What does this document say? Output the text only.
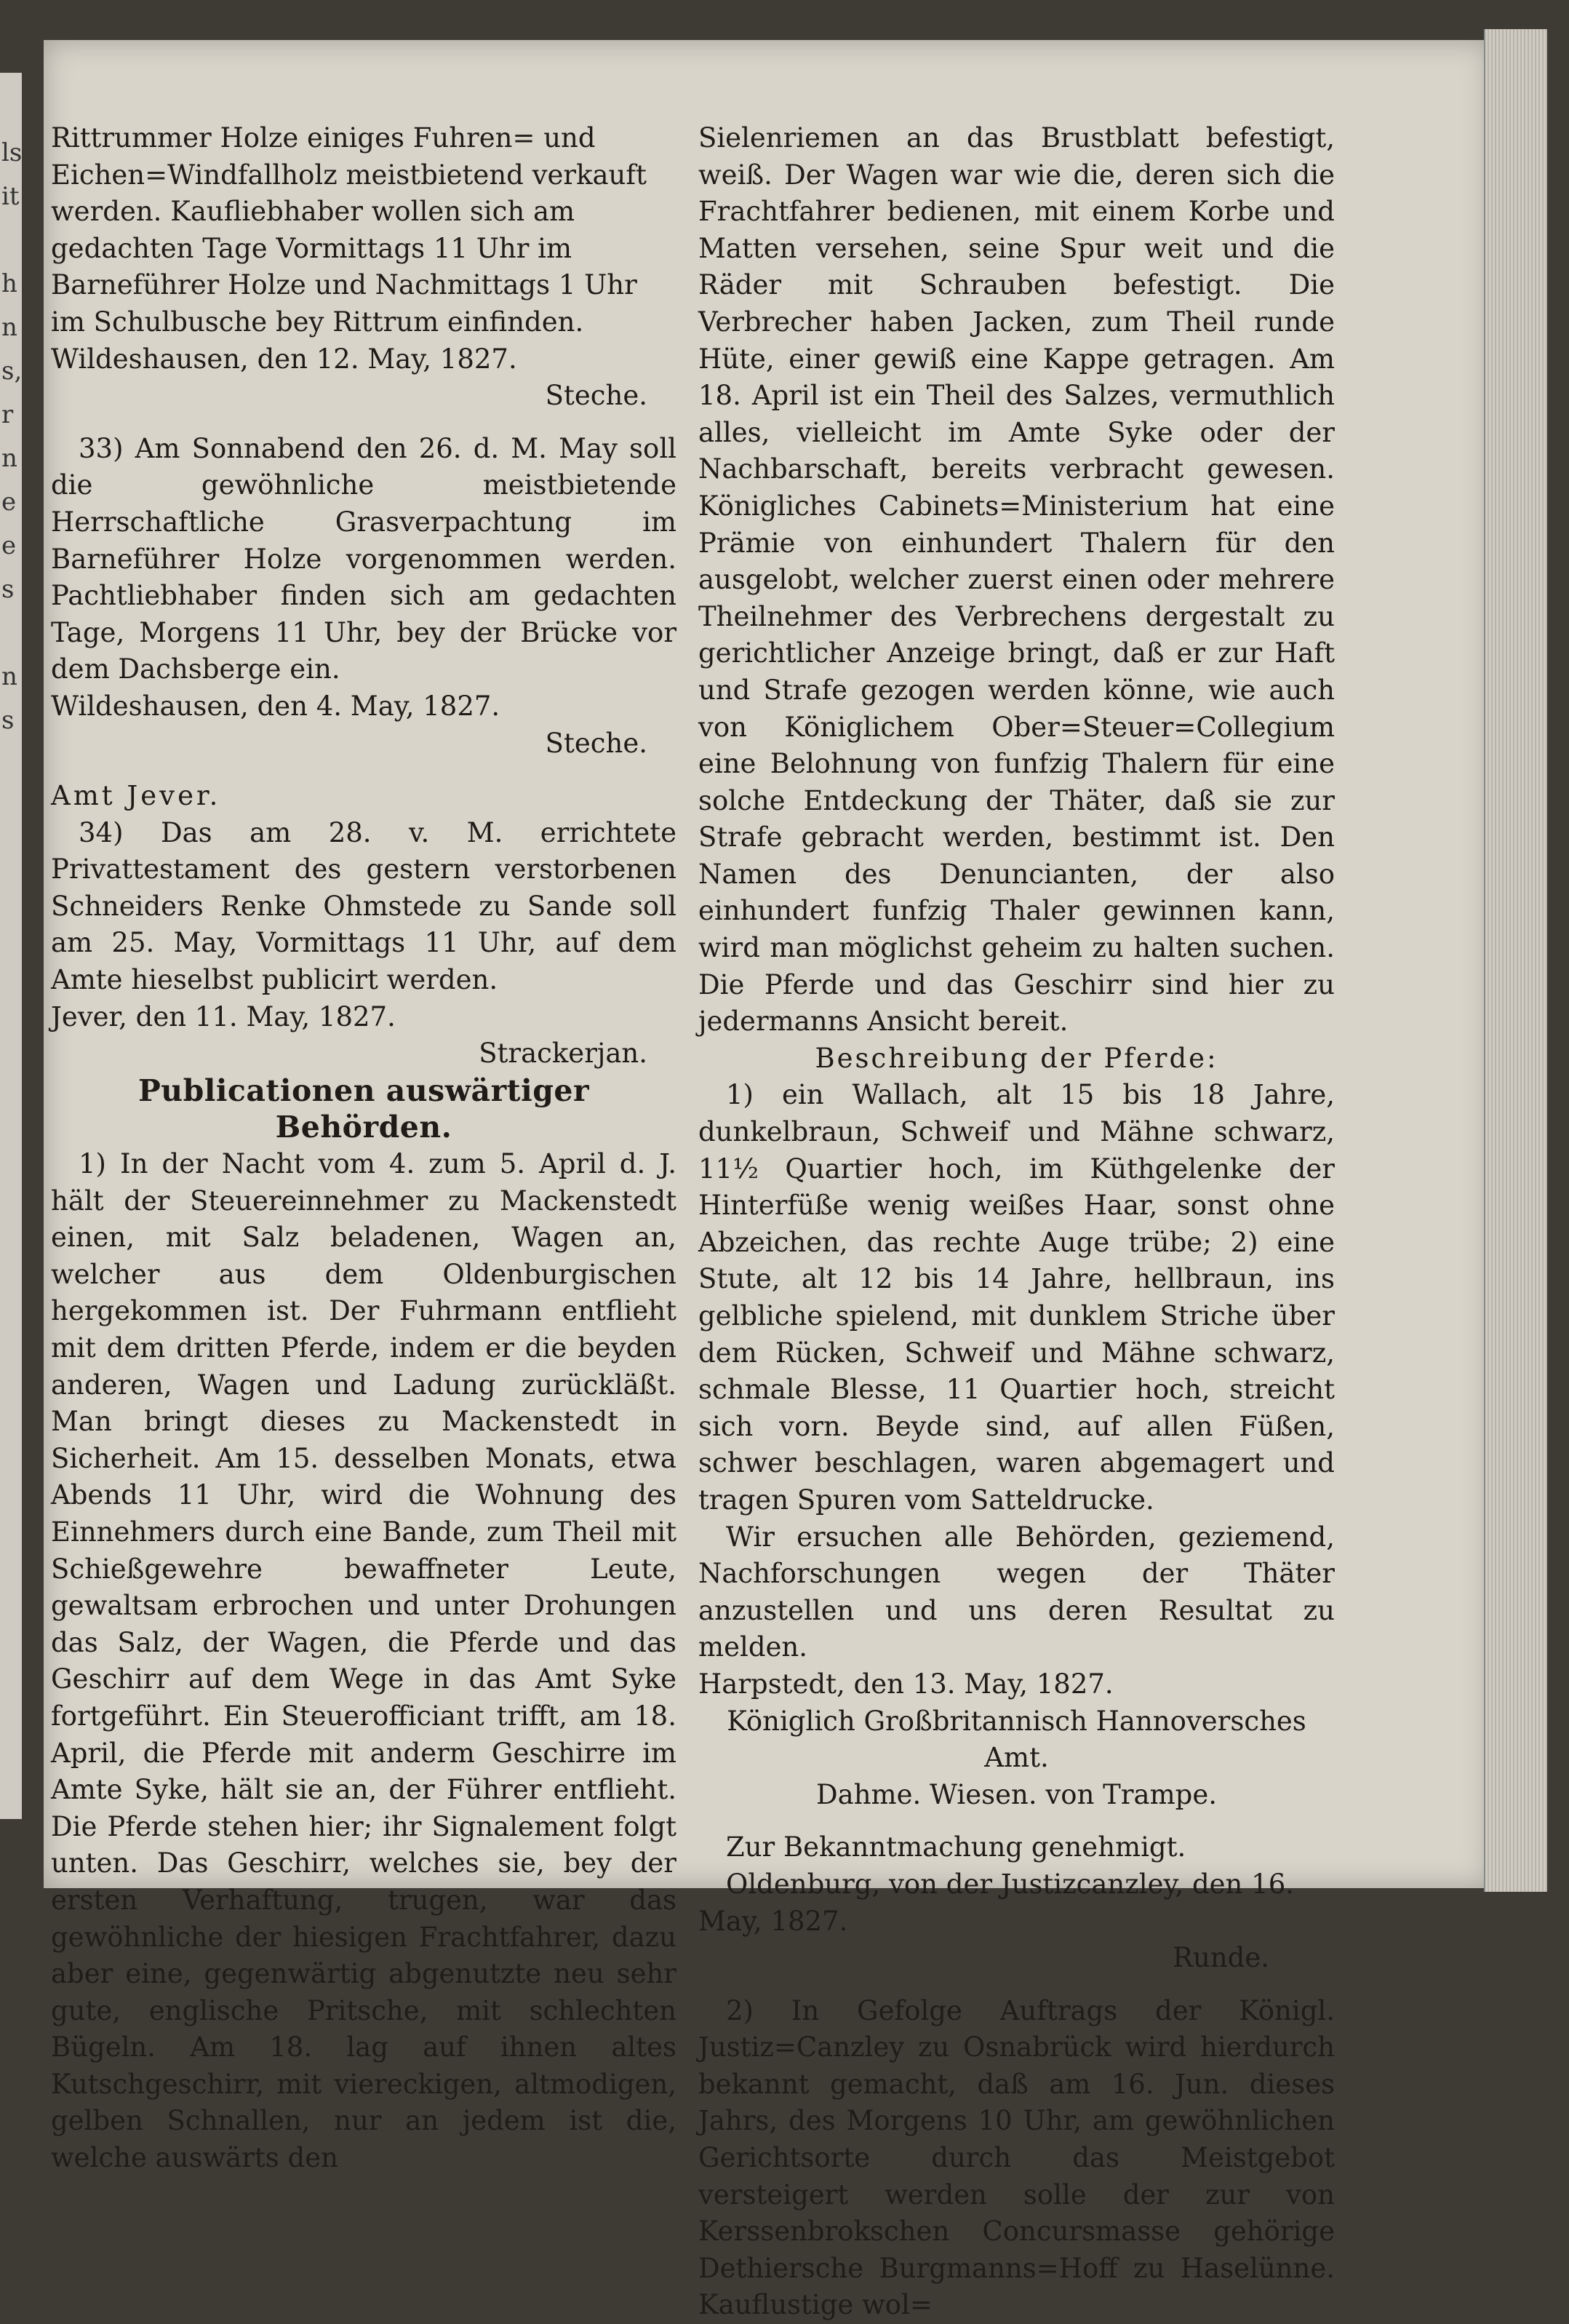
ls
it

h
n
s,
r
n
e
e
s

n
s

Rittrummer Holze einiges Fuhren= und Eichen=Windfallholz meistbietend verkauft werden. Kaufliebhaber wollen sich am gedachten Tage Vormittags 11 Uhr im Barneführer Holze und Nachmittags 1 Uhr im Schulbusche bey Rittrum einfinden.

Wildeshausen, den 12. May, 1827.

Steche.

33) Am Sonnabend den 26. d. M. May soll die gewöhnliche meistbietende Herrschaftliche Grasverpachtung im Barneführer Holze vorgenommen werden. Pachtliebhaber finden sich am gedachten Tage, Morgens 11 Uhr, bey der Brücke vor dem Dachsberge ein.

Wildeshausen, den 4. May, 1827.

Steche.

Amt Jever.

34) Das am 28. v. M. errichtete Privattestament des gestern verstorbenen Schneiders Renke Ohmstede zu Sande soll am 25. May, Vormittags 11 Uhr, auf dem Amte hieselbst publicirt werden.

Jever, den 11. May, 1827.

Strackerjan.

Publicationen auswärtiger Behörden.

1) In der Nacht vom 4. zum 5. April d. J. hält der Steuereinnehmer zu Mackenstedt einen, mit Salz beladenen, Wagen an, welcher aus dem Oldenburgischen hergekommen ist. Der Fuhrmann entflieht mit dem dritten Pferde, indem er die beyden anderen, Wagen und Ladung zurückläßt. Man bringt dieses zu Mackenstedt in Sicherheit. Am 15. desselben Monats, etwa Abends 11 Uhr, wird die Wohnung des Einnehmers durch eine Bande, zum Theil mit Schießgewehre bewaffneter Leute, gewaltsam erbrochen und unter Drohungen das Salz, der Wagen, die Pferde und das Geschirr auf dem Wege in das Amt Syke fortgeführt. Ein Steuerofficiant trifft, am 18. April, die Pferde mit anderm Geschirre im Amte Syke, hält sie an, der Führer entflieht. Die Pferde stehen hier; ihr Signalement folgt unten. Das Geschirr, welches sie, bey der ersten Verhaftung, trugen, war das gewöhnliche der hiesigen Frachtfahrer, dazu aber eine, gegenwärtig abgenutzte neu sehr gute, englische Pritsche, mit schlechten Bügeln. Am 18. lag auf ihnen altes Kutschgeschirr, mit viereckigen, altmodigen, gelben Schnallen, nur an jedem ist die, welche auswärts den

Sielenriemen an das Brustblatt befestigt, weiß. Der Wagen war wie die, deren sich die Frachtfahrer bedienen, mit einem Korbe und Matten versehen, seine Spur weit und die Räder mit Schrauben befestigt. Die Verbrecher haben Jacken, zum Theil runde Hüte, einer gewiß eine Kappe getragen. Am 18. April ist ein Theil des Salzes, vermuthlich alles, vielleicht im Amte Syke oder der Nachbarschaft, bereits verbracht gewesen. Königliches Cabinets=Ministerium hat eine Prämie von einhundert Thalern für den ausgelobt, welcher zuerst einen oder mehrere Theilnehmer des Verbrechens dergestalt zu gerichtlicher Anzeige bringt, daß er zur Haft und Strafe gezogen werden könne, wie auch von Königlichem Ober=Steuer=Collegium eine Belohnung von funfzig Thalern für eine solche Entdeckung der Thäter, daß sie zur Strafe gebracht werden, bestimmt ist. Den Namen des Denuncianten, der also einhundert funfzig Thaler gewinnen kann, wird man möglichst geheim zu halten suchen. Die Pferde und das Geschirr sind hier zu jedermanns Ansicht bereit.

Beschreibung der Pferde:

1) ein Wallach, alt 15 bis 18 Jahre, dunkelbraun, Schweif und Mähne schwarz, 11½ Quartier hoch, im Küthgelenke der Hinterfüße wenig weißes Haar, sonst ohne Abzeichen, das rechte Auge trübe; 2) eine Stute, alt 12 bis 14 Jahre, hellbraun, ins gelbliche spielend, mit dunklem Striche über dem Rücken, Schweif und Mähne schwarz, schmale Blesse, 11 Quartier hoch, streicht sich vorn. Beyde sind, auf allen Füßen, schwer beschlagen, waren abgemagert und tragen Spuren vom Satteldrucke.

Wir ersuchen alle Behörden, geziemend, Nachforschungen wegen der Thäter anzustellen und uns deren Resultat zu melden.

Harpstedt, den 13. May, 1827.

Königlich Großbritannisch Hannoversches Amt.

Dahme. Wiesen. von Trampe.

Zur Bekanntmachung genehmigt.

Oldenburg, von der Justizcanzley, den 16. May, 1827.

Runde.

2) In Gefolge Auftrags der Königl. Justiz=Canzley zu Osnabrück wird hierdurch bekannt gemacht, daß am 16. Jun. dieses Jahrs, des Morgens 10 Uhr, am gewöhnlichen Gerichtsorte durch das Meistgebot versteigert werden solle der zur von Kerssenbrokschen Concursmasse gehörige Dethiersche Burgmanns=Hoff zu Haselünne. Kauflustige wol=
